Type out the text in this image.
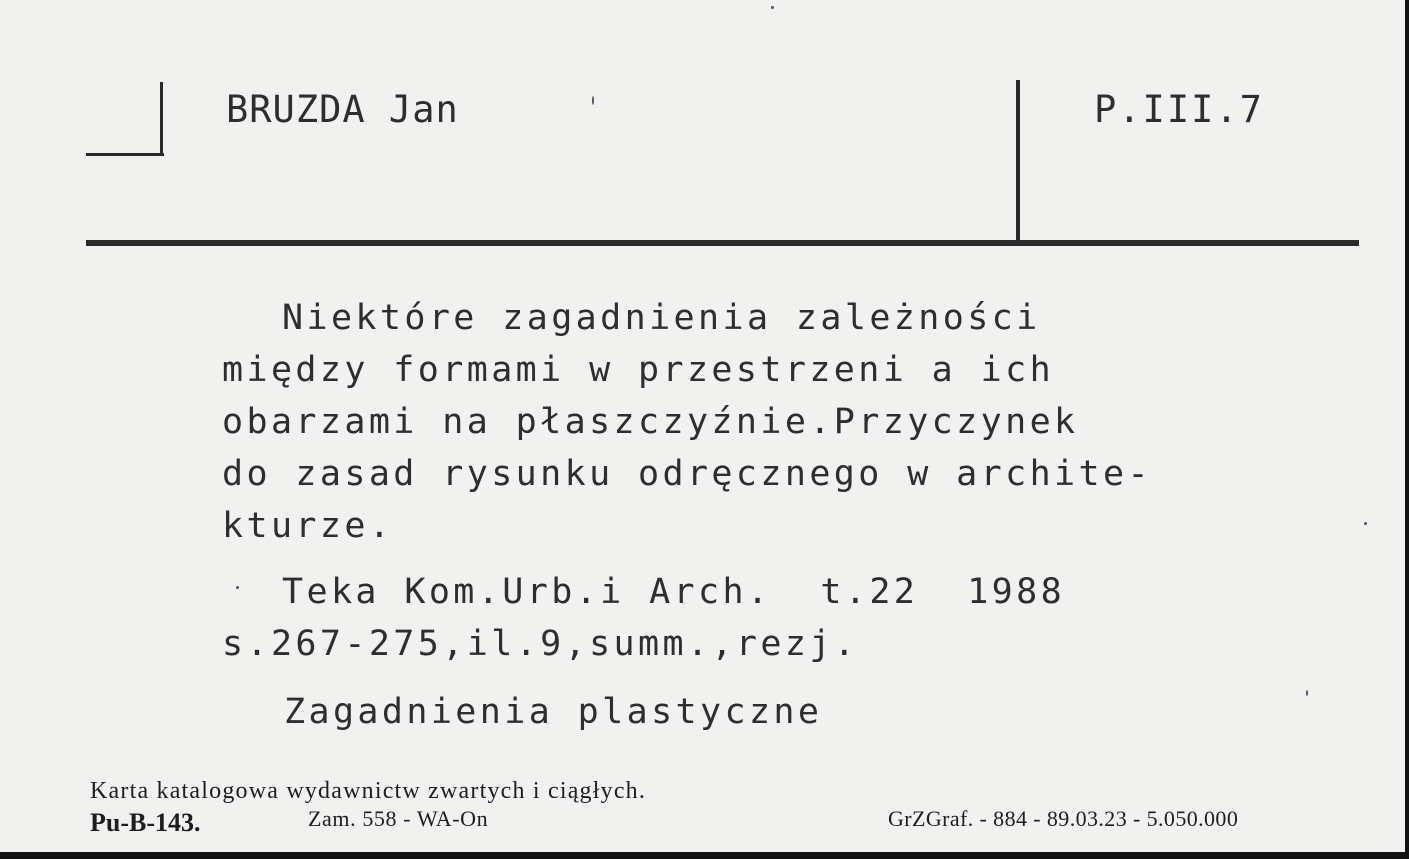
BRUZDA Jan	P.III.7
Niektóre zagadnienia zależności
między formami w przestrzeni a ich
obarzami na płaszczyźnie.Przyczynek
do zasad rysunku odręcznego w archite-
kturze.
Teka Kom.Urb.i Arch.  t.22  1988
s.267-275,il.9,summ.,rezj.
Zagadnienia plastyczne
Karta katalogowa wydawnictw zwartych i ciągłych.
Pu-B-143.	Zam. 558 - WA-On	GrZGraf. - 884 - 89.03.23 - 5.050.000
